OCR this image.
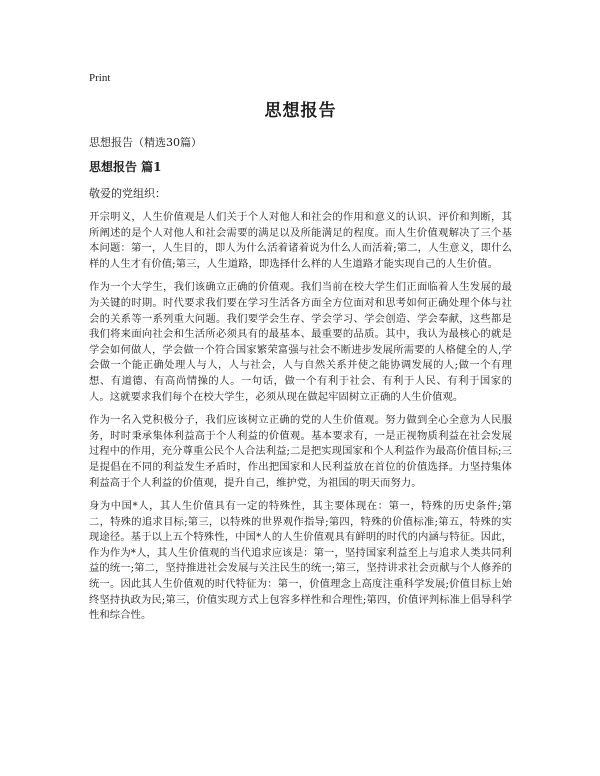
Print
思想报告
思想报告（精选30篇）
思想报告 篇1
敬爱的党组织：

开宗明义，人生价值观是人们关于个人对他人和社会的作用和意义的认识、评价和判断，其所阐述的是个人对他人和社会需要的满足以及所能满足的程度。而人生价值观解决了三个基本问题：第一，人生目的，即人为什么活着诸着说为什么人而活着;第二，人生意义，即什么样的人生才有价值;第三，人生道路，即选择什么样的人生道路才能实现自己的人生价值。

作为一个大学生，我们该确立正确的价值观。我们当前在校大学生们正面临着人生发展的最为关键的时期。时代要求我们要在学习生活各方面全方位面对和思考如何正确处理个体与社会的关系等一系列重大问题。我们要学会生存、学会学习、学会创造、学会奉献，这些都是我们将来面向社会和生活所必须具有的最基本、最重要的品质。其中，我认为最核心的就是学会如何做人，学会做一个符合国家繁荣富强与社会不断进步发展所需要的人格健全的人,学会做一个能正确处理人与人，人与社会，人与自然关系并使之能协调发展的人;做一个有理想、有道德、有高尚情操的人。一句话，做一个有利于社会、有利于人民、有利于国家的人。这就要求我们每个在校大学生，必须从现在做起牢固树立正确的人生价值观。

作为一名入党积极分子，我们应该树立正确的党的人生价值观。努力做到全心全意为人民服务，时时秉承集体利益高于个人利益的价值观。基本要求有，一是正视物质利益在社会发展过程中的作用，充分尊重公民个人合法利益;二是把实现国家和个人利益作为最高价值目标;三是提倡在不同的利益发生矛盾时，作出把国家和人民利益放在首位的价值选择。力坚持集体利益高于个人利益的价值观，提升自己，维护党，为祖国的明天而努力。

身为中国*人，其人生价值具有一定的特殊性，其主要体现在：第一，特殊的历史条件;第二，特殊的追求目标;第三，以特殊的世界观作指导;第四，特殊的价值标准;第五，特殊的实现途径。基于以上五个特殊性，中国*人的人生价值观具有鲜明的时代的内涵与特征。因此，作为作为*人，其人生价值观的当代追求应该是：第一，坚持国家利益至上与追求人类共同利益的统一;第二，坚持推进社会发展与关注民生的统一;第三，坚持讲求社会贡献与个人修养的统一。因此其人生价值观的时代特征为：第一，价值理念上高度注重科学发展;价值目标上始终坚持执政为民;第三，价值实现方式上包容多样性和合理性;第四，价值评判标准上倡导科学性和综合性。
